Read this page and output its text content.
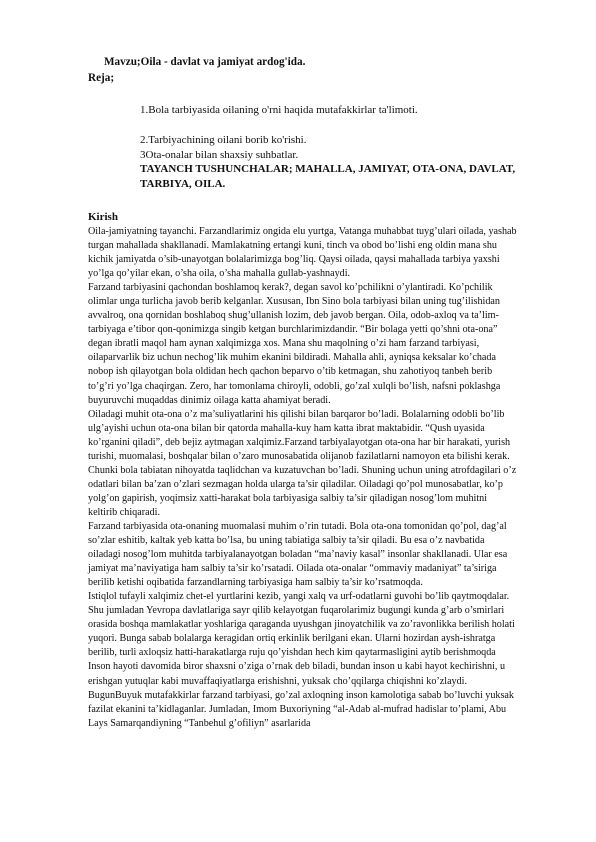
Mavzu;Oila - davlat va jamiyat ardog'ida.
Reja;
1.Bola tarbiyasida oilaning o'rni haqida mutafakkirlar ta'limoti.
2.Tarbiyachining oilani borib ko'rishi.
3Ota-onalar bilan shaxsiy suhbatlar.
TAYANCH TUSHUNCHALAR; MAHALLA, JAMIYAT, OTA-ONA, DAVLAT, TARBIYA, OILA.
Kirish

Oila-jamiyatning tayanchi. Farzandlarimiz ongida elu yurtga, Vatanga muhabbat tuyg’ulari oilada, yashab turgan mahallada shakllanadi. Mamlakatning ertangi kuni, tinch va obod bo’lishi eng oldin mana shu kichik jamiyatda o’sib-unayotgan bolalarimizga bog’liq. Qaysi oilada, qaysi mahallada tarbiya yaxshi yo’lga qo’yilar ekan, o’sha oila, o’sha mahalla gullab-yashnaydi.

Farzand tarbiyasini qachondan boshlamoq kerak?, degan savol ko’pchilikni o’ylantiradi. Ko’pchilik olimlar unga turlicha javob berib kelganlar. Xususan, Ibn Sino bola tarbiyasi bilan uning tug’ilishidan avvalroq, ona qornidan boshlaboq shug’ullanish lozim, deb javob bergan. Oila, odob-axloq va ta’lim-tarbiyaga e’tibor qon-qonimizga singib ketgan burchlarimizdandir. “Bir bolaga yetti qo’shni ota-ona” degan ibratli maqol ham aynan xalqimizga xos. Mana shu maqolning o’zi ham farzand tarbiyasi, oilaparvarlik biz uchun nechog’lik muhim ekanini bildiradi. Mahalla ahli, ayniqsa keksalar ko’chada nobop ish qilayotgan bola oldidan hech qachon beparvo o’tib ketmagan, shu zahotiyoq tanbeh berib to’g’ri yo’lga chaqirgan. Zero, har tomonlama chiroyli, odobli, go’zal xulqli bo’lish, nafsni poklashga buyuruvchi muqaddas dinimiz oilaga katta ahamiyat beradi.

Oiladagi muhit ota-ona o’z ma’suliyatlarini his qilishi bilan barqaror bo’ladi. Bolalarning odobli bo’lib ulg’ayishi uchun ota-ona bilan bir qatorda mahalla-kuy ham katta ibrat maktabidir. “Qush uyasida ko’rganini qiladi”, deb bejiz aytmagan xalqimiz.Farzand tarbiyalayotgan ota-ona har bir harakati, yurish turishi, muomalasi, boshqalar bilan o’zaro munosabatida olijanob fazilatlarni namoyon eta bilishi kerak. Chunki bola tabiatan nihoyatda taqlidchan va kuzatuvchan bo’ladi. Shuning uchun uning atrofdagilari o’z odatlari bilan ba’zan o’zlari sezmagan holda ularga ta’sir qiladilar. Oiladagi qo’pol munosabatlar, ko’p yolg’on gapirish, yoqimsiz xatti-harakat bola tarbiyasiga salbiy ta’sir qiladigan nosog’lom muhitni keltirib chiqaradi.

Farzand tarbiyasida ota-onaning muomalasi muhim o’rin tutadi. Bola ota-ona tomonidan qo’pol, dag’al so’zlar eshitib, kaltak yeb katta bo’lsa, bu uning tabiatiga salbiy ta’sir qiladi. Bu esa o’z navbatida oiladagi nosog’lom muhitda tarbiyalanayotgan boladan “ma’naviy kasal” insonlar shakllanadi. Ular esa jamiyat ma’naviyatiga ham salbiy ta’sir ko’rsatadi. Oilada ota-onalar “ommaviy madaniyat” ta’siriga berilib ketishi oqibatida farzandlarning tarbiyasiga ham salbiy ta’sir ko’rsatmoqda.

Istiqlol tufayli xalqimiz chet-el yurtlarini kezib, yangi xalq va urf-odatlarni guvohi bo’lib qaytmoqdalar. Shu jumladan Yevropa davlatlariga sayr qilib kelayotgan fuqarolarimiz bugungi kunda g’arb o’smirlari orasida boshqa mamlakatlar yoshlariga qaraganda uyushgan jinoyatchilik va zo’ravonlikka berilish holati yuqori. Bunga sabab bolalarga keragidan ortiq erkinlik berilgani ekan. Ularni hozirdan aysh-ishratga berilib, turli axloqsiz hatti-harakatlarga ruju qo’yishdan hech kim qaytarmasligini aytib berishmoqda

Inson hayoti davomida biror shaxsni o’ziga o’rnak deb biladi, bundan inson u kabi hayot kechirishni, u erishgan yutuqlar kabi muvaffaqiyatlarga erishishni, yuksak cho’qqilarga chiqishni ko’zlaydi. BugunBuyuk mutafakkirlar farzand tarbiyasi, go’zal axloqning inson kamolotiga sabab bo’luvchi yuksak fazilat ekanini ta’kidlaganlar. Jumladan, Imom Buxoriyning “al-Adab al-mufrad hadislar to’plami, Abu Lays Samarqandiyning “Tanbehul g’ofiliyn” asarlarida
